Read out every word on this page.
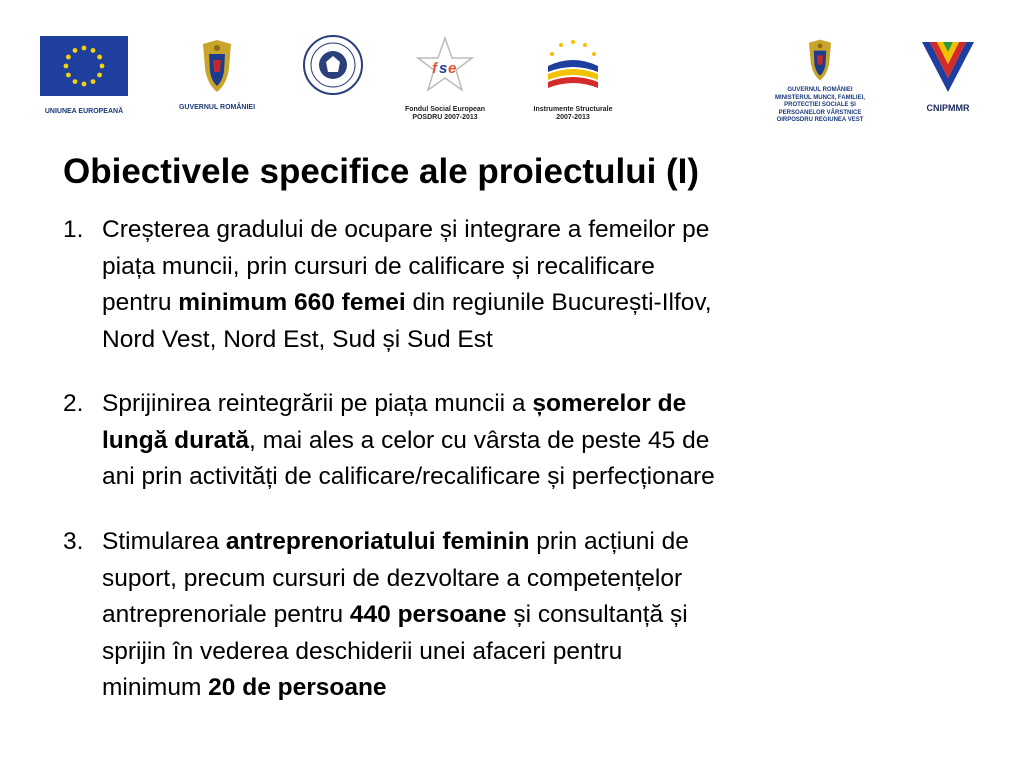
UNIUNEA EUROPEANĂ
GUVERNUL ROMÂNIEI
f s e
Fondul Social European
POSDRU 2007-2013
Instrumente Structurale
2007-2013
GUVERNUL ROMÂNIEI
MINISTERUL MUNCII, FAMILIEI,
PROTECȚIEI SOCIALE ȘI
PERSOANELOR VÂRSTNICE
OIRPOSDRU REGIUNEA VEST
CNIPMMR
Obiectivele specifice ale proiectului (I)
1. Creșterea gradului de ocupare și integrare a femeilor pe
piața muncii, prin cursuri de calificare și recalificare
pentru minimum 660 femei din regiunile București-Ilfov,
Nord Vest, Nord Est, Sud și Sud Est
2. Sprijinirea reintegrării pe piața muncii a șomerelor de
lungă durată, mai ales a celor cu vârsta de peste 45 de
ani prin activități de calificare/recalificare și perfecționare
3. Stimularea antreprenoriatului feminin prin acțiuni de
suport, precum cursuri de dezvoltare a competențelor
antreprenoriale pentru 440 persoane și consultanță și
sprijin în vederea deschiderii unei afaceri pentru
minimum 20 de persoane
